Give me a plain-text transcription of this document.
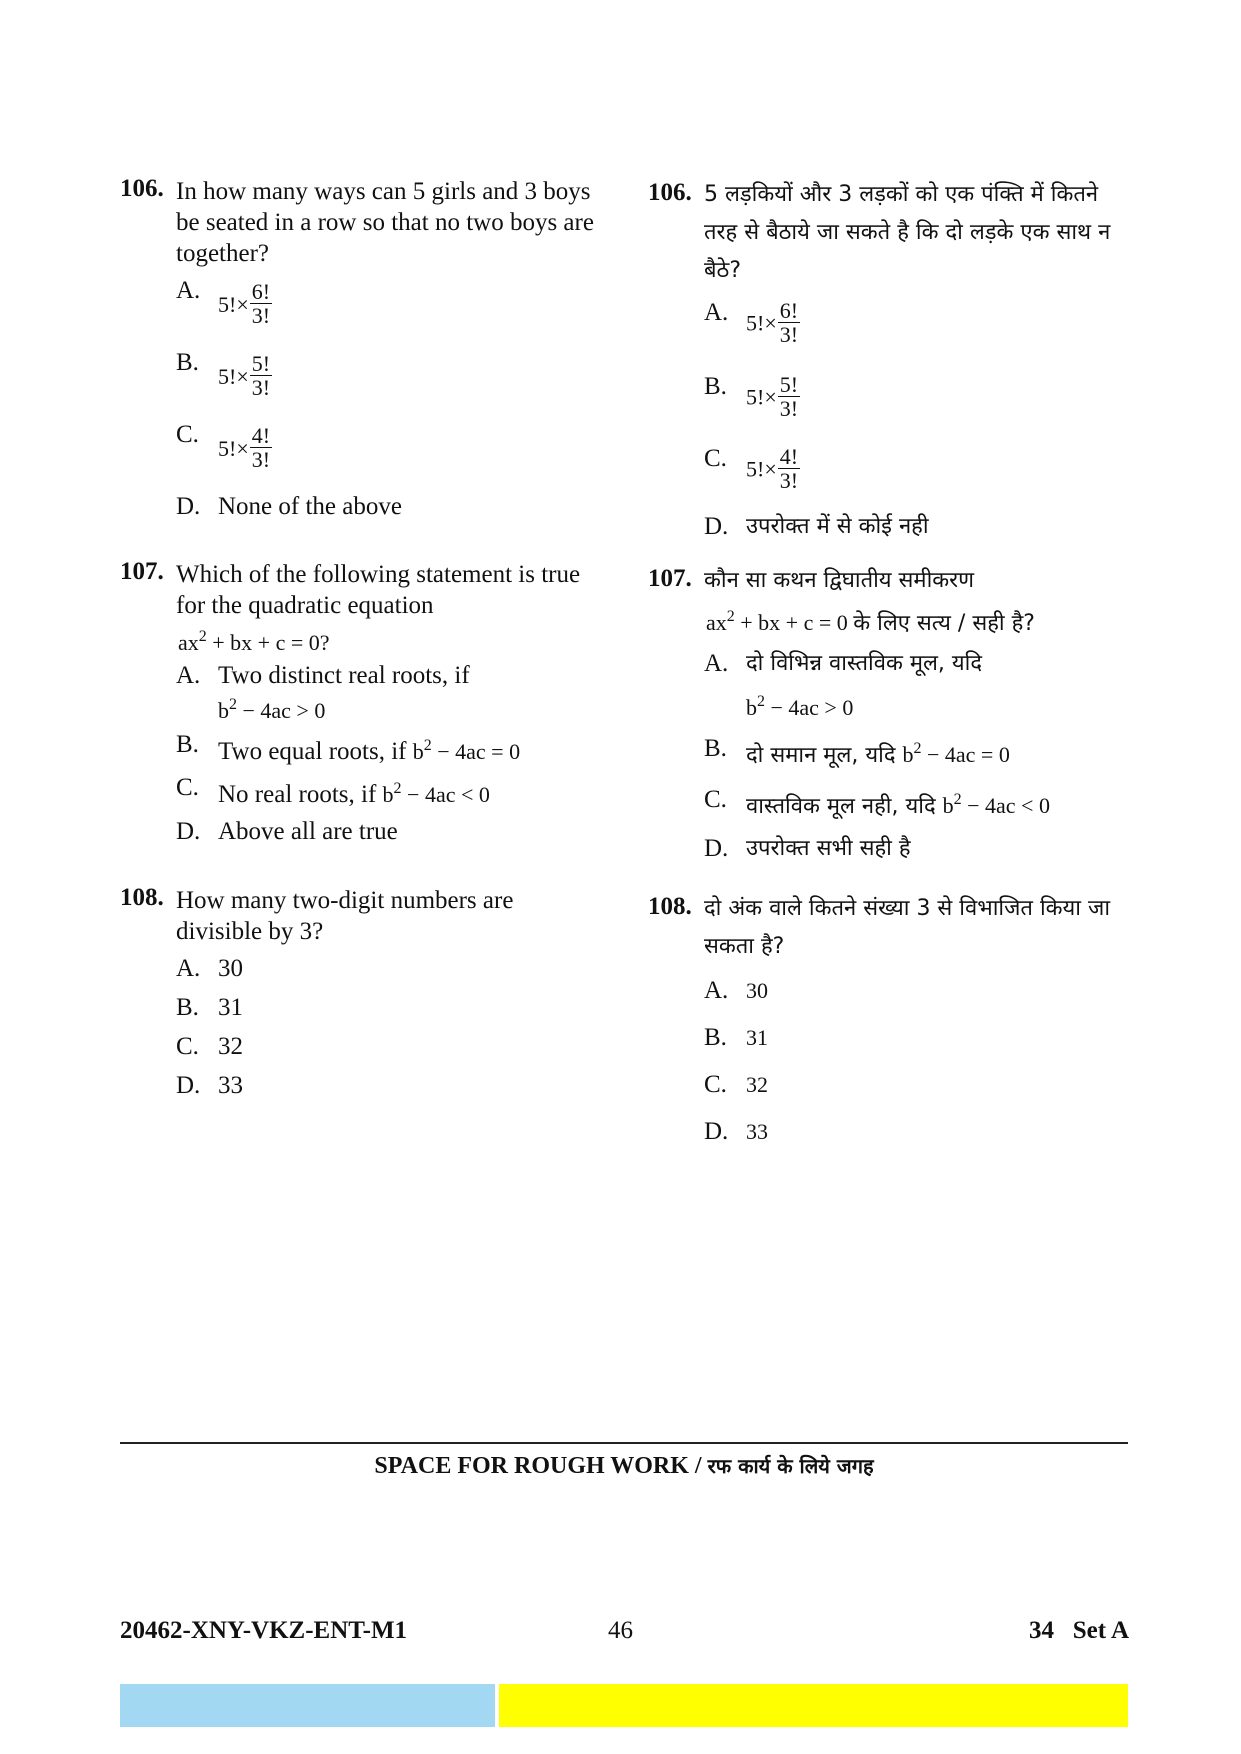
106. In how many ways can 5 girls and 3 boys be seated in a row so that no two boys are together?

A.
$5!\times \frac{6!}{3!}$
B.
$5!\times \frac{5!}{3!}$
C.
$5!\times \frac{4!}{3!}$
D. None of the above
107. Which of the following statement is true for the quadratic equation

$ax^2$ + bx + c = 0?
A. Two distinct real roots, if
$b^2 - 4ac > 0$
B. Two equal roots, if $b^2 - 4ac = 0$
C. No real roots, if $b^2 - 4ac < 0$
D. Above all are true
108. How many two-digit numbers are divisible by 3?

A. 30
B. 31
C. 32
D. 33
106. 5 लड़कियों और 3 लड़कों को एक पंक्ति में कितने तरह से बैठाये जा सकते है कि दो लड़के एक साथ न बैठे?

A. $5!\times \frac{6!}{3!}$
B. $5!\times \frac{5!}{3!}$
C. $5!\times \frac{4!}{3!}$
D. उपरोक्त में से कोई नही
107. कौन सा कथन द्विघातीय समीकरण

$ax^2$ + bx + c = 0 के लिए सत्य / सही है?
A. दो विभिन्न वास्तविक मूल, यदि
$b^2 - 4ac > 0$
B. दो समान मूल, यदि $b^2 - 4ac = 0$
C. वास्तविक मूल नही, यदि $b^2 - 4ac < 0$
D. उपरोक्त सभी सही है
108. दो अंक वाले कितने संख्या 3 से विभाजित किया जा सकता है?

A. 30
B. 31
C. 32
D. 33
SPACE FOR ROUGH WORK / रफ कार्य के लिये जगह
20462-XNY-VKZ-ENT-M1	46	34   Set A
